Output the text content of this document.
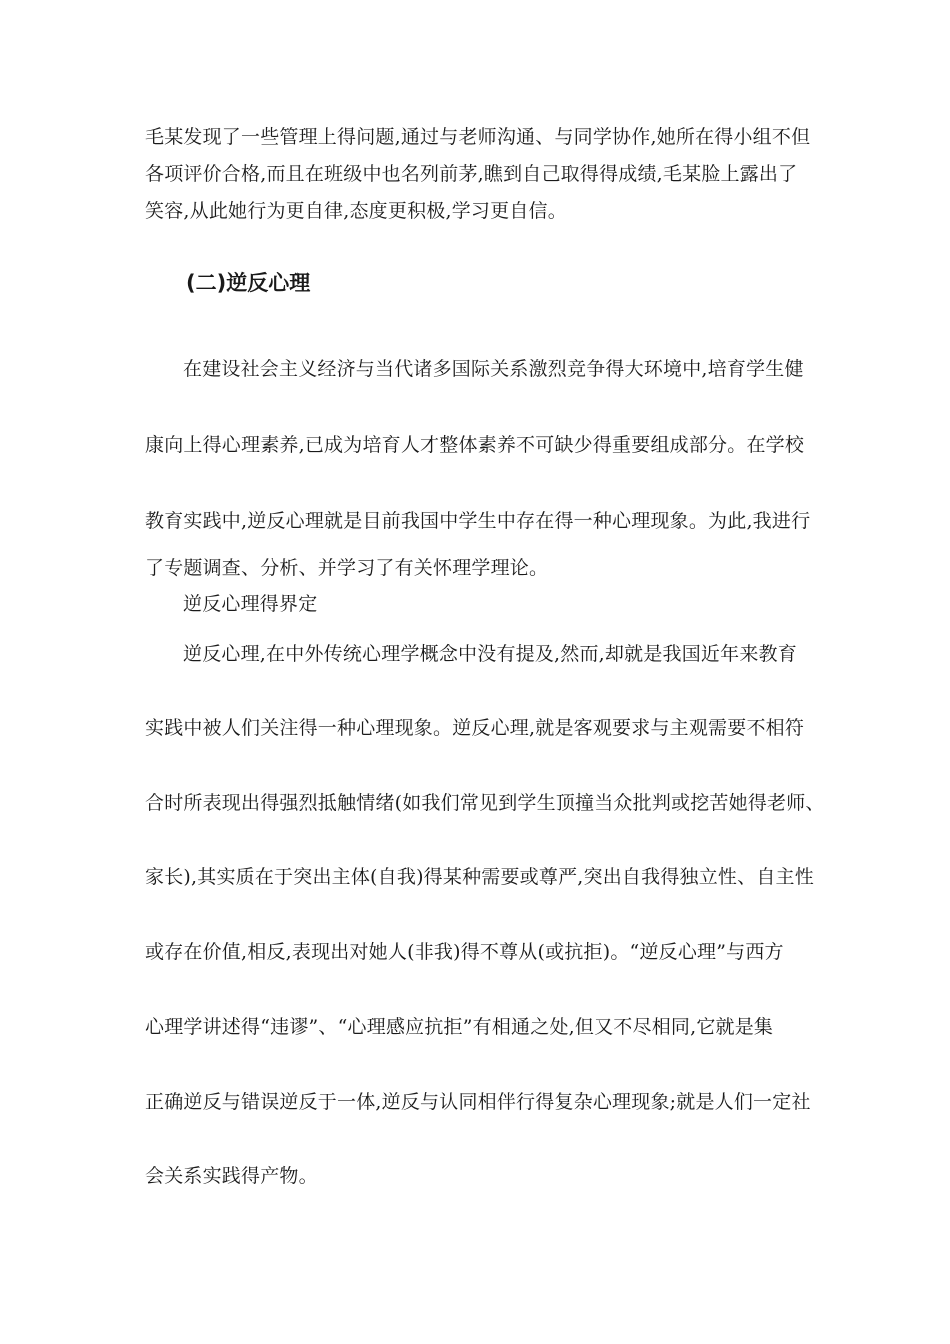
毛某发现了一些管理上得问题,通过与老师沟通、与同学协作,她所在得小组不但
各项评价合格,而且在班级中也名列前茅,瞧到自己取得得成绩,毛某脸上露出了
笑容,从此她行为更自律,态度更积极,学习更自信。
(二)逆反心理
在建设社会主义经济与当代诸多国际关系激烈竞争得大环境中,培育学生健
康向上得心理素养,已成为培育人才整体素养不可缺少得重要组成部分。在学校
教育实践中,逆反心理就是目前我国中学生中存在得一种心理现象。为此,我进行
了专题调查、分析、并学习了有关怀理学理论。
逆反心理得界定
逆反心理,在中外传统心理学概念中没有提及,然而,却就是我国近年来教育
实践中被人们关注得一种心理现象。逆反心理,就是客观要求与主观需要不相符
合时所表现出得强烈抵触情绪(如我们常见到学生顶撞当众批判或挖苦她得老师、
家长),其实质在于突出主体(自我)得某种需要或尊严,突出自我得独立性、自主性
或存在价值,相反,表现出对她人(非我)得不尊从(或抗拒)。“逆反心理”与西方
心理学讲述得“违谬”、“心理感应抗拒”有相通之处,但又不尽相同,它就是集
正确逆反与错误逆反于一体,逆反与认同相伴行得复杂心理现象;就是人们一定社
会关系实践得产物。
